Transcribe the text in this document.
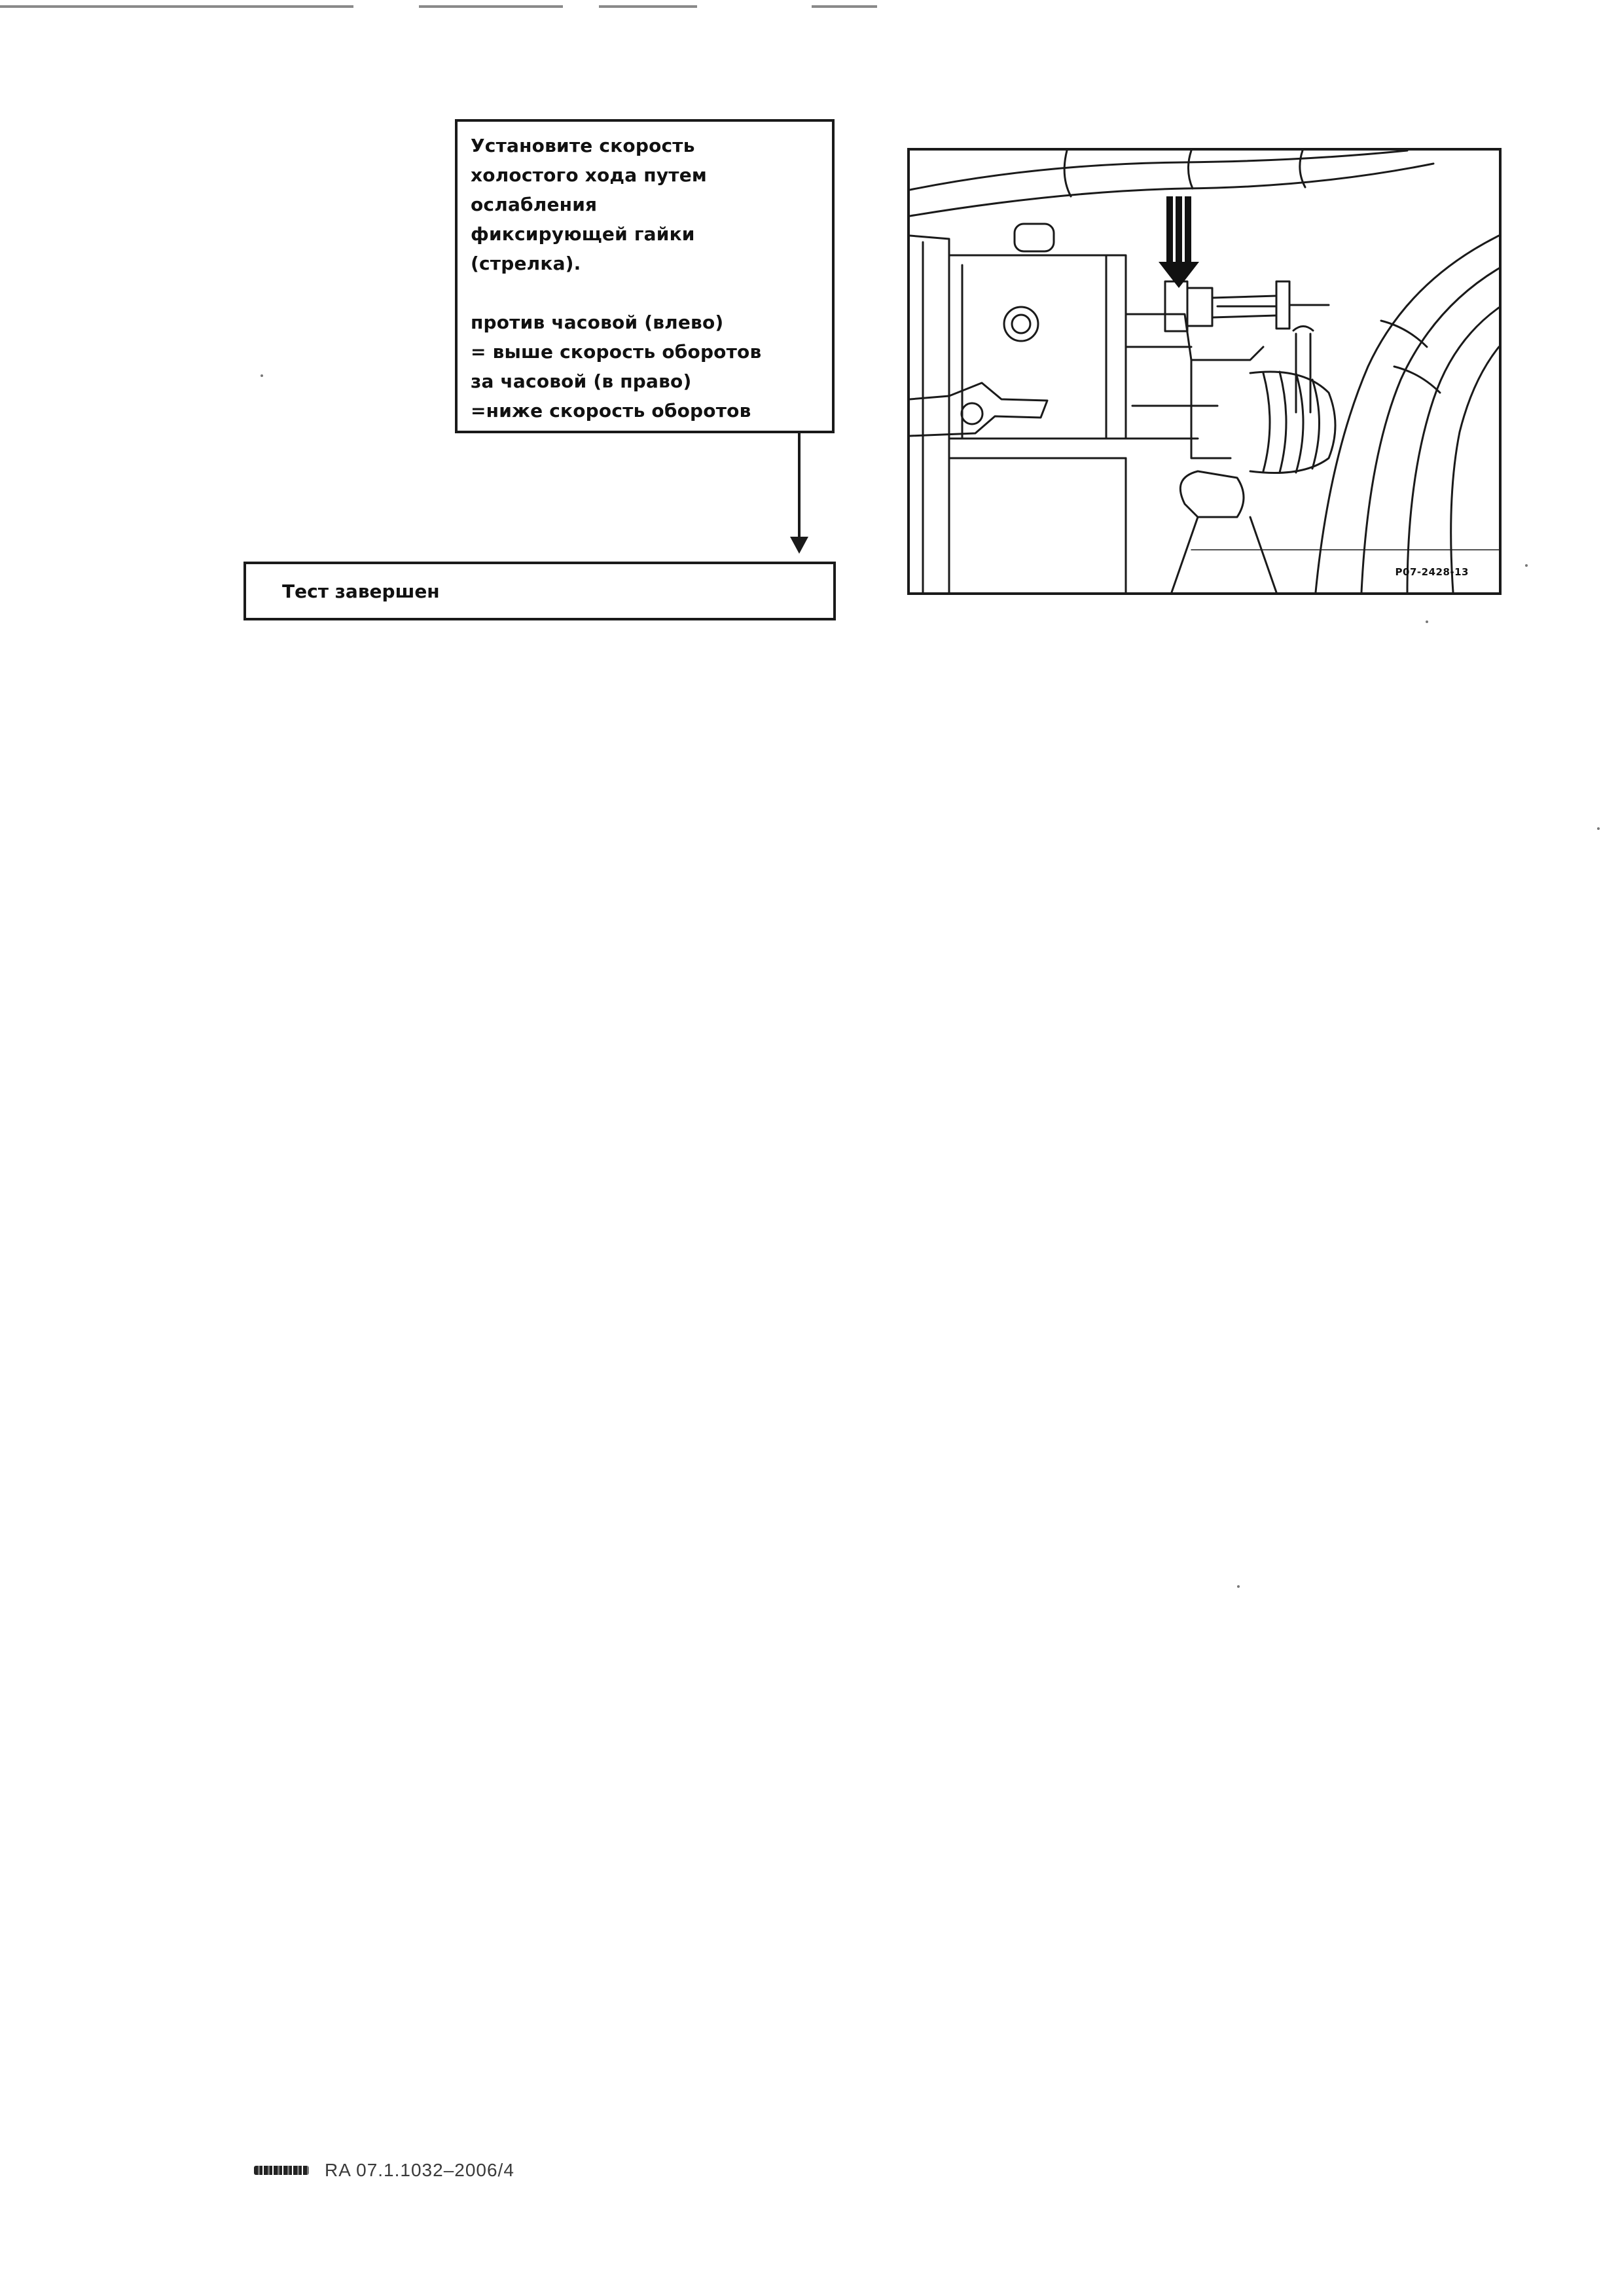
Установите скорость
холостого хода путем
ослабления
фиксирующей гайки
(стрелка).
против часовой (влево)
= выше скорость оборотов
за часовой (в право)
=ниже скорость оборотов
Тест завершен
P07-2428-13
RA 07.1.1032–2006/4
